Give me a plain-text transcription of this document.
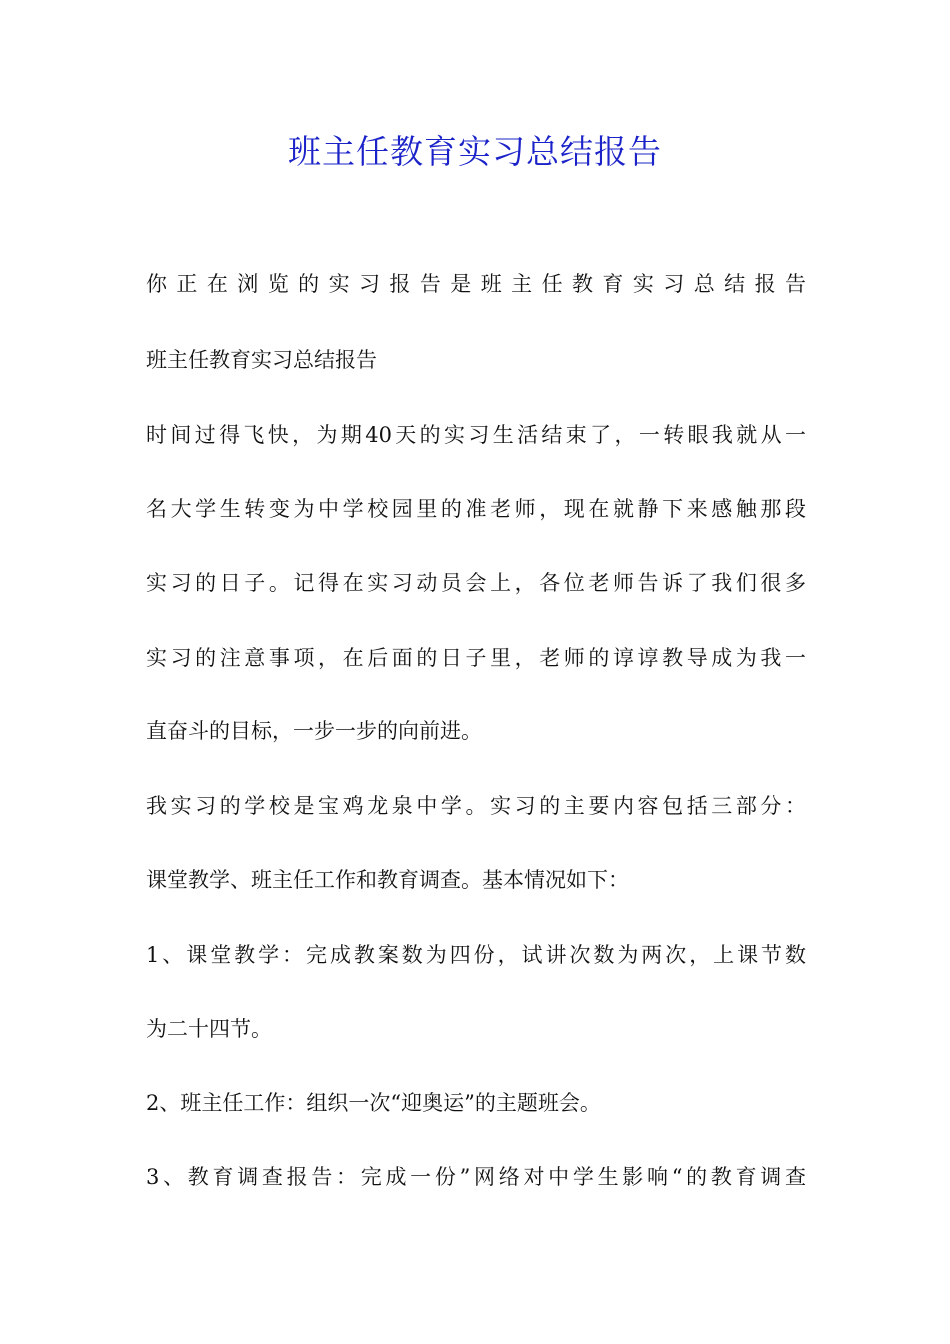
班主任教育实习总结报告

你正在浏览的实习报告是班主任教育实习总结报告

班主任教育实习总结报告

时间过得飞快，为期40天的实习生活结束了，一转眼我就从一

名大学生转变为中学校园里的准老师，现在就静下来感触那段

实习的日子。记得在实习动员会上，各位老师告诉了我们很多

实习的注意事项，在后面的日子里，老师的谆谆教导成为我一

直奋斗的目标，一步一步的向前进。

我实习的学校是宝鸡龙泉中学。实习的主要内容包括三部分：

课堂教学、班主任工作和教育调查。基本情况如下：

1、课堂教学：完成教案数为四份，试讲次数为两次，上课节数

为二十四节。

2、班主任工作：组织一次“迎奥运”的主题班会。

3、教育调查报告：完成一份”网络对中学生影响“的教育调查
